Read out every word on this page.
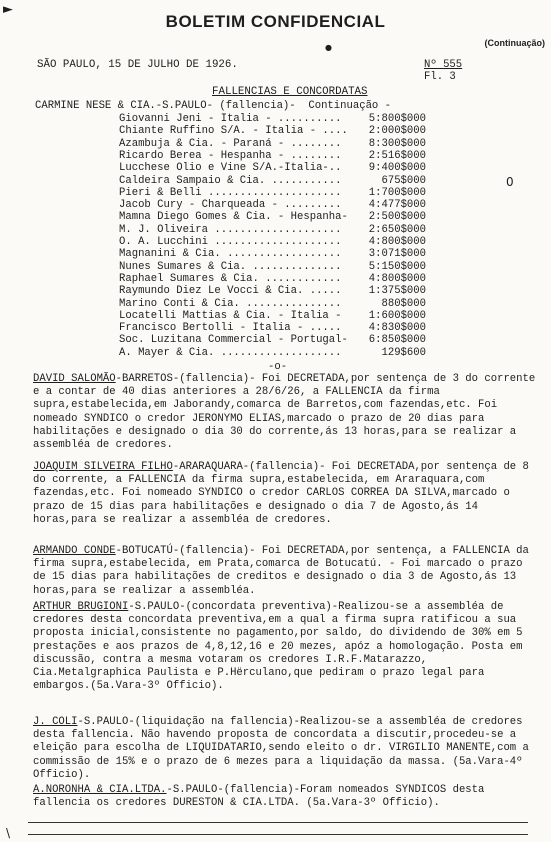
►
●
0
\
BOLETIM CONFIDENCIAL
(Continuação)
SÃO PAULO, 15 DE JULHO DE 1926.	Nº 555
Fl. 3
FALLENCIAS E CONCORDATAS
CARMINE NESE & CIA.-S.PAULO- (fallencia)-  Continuação -
Giovanni Jeni - Italia - ..........	5:800$000
Chiante Ruffino S/A. - Italia - .... 2:000$000
Azambuja & Cia. - Paraná - ........	8:300$000
Ricardo Berea - Hespanha - ........	2:516$000
Lucchese Olio e Vine S/A.-Italia-..	9:400$000
Caldeira Sampaio & Cia. ...........	675$000
Pieri & Belli .....................	1:700$000
Jacob Cury - Charqueada - .........	4:477$000
Mamna Diego Gomes & Cia. - Hespanha- 2:500$000
M. J. Oliveira ....................	2:650$000
O. A. Lucchini ....................	4:800$000
Magnanini & Cia. ..................	3:071$000
Nunes Sumares & Cia. ..............	5:150$000
Raphael Sumares & Cia. ............	4:800$000
Raymundo Diez Le Vocci & Cia. .....	1:375$000
Marino Conti & Cia. ...............	880$000
Locatelli Mattias & Cia. - Italia -	1:600$000
Francisco Bertolli - Italia - .....	4:830$000
Soc. Luzitana Commercial - Portugal- 6:850$000
A. Mayer & Cia. ...................	129$600
-o-
DAVID SALOMÃO-BARRETOS-(fallencia)- Foi DECRETADA,por sentença de 3 do corrente e a contar de 40 dias anteriores a 28/6/26, a FALLENCIA da firma supra,estabelecida,em Jaborandy,comarca de Barretos,com fazendas,etc. Foi nomeado SYNDICO o credor JERONYMO ELIAS,marcado o prazo de 20 dias para habilitações e designado o dia 30 do corrente,ás 13 horas,para se realizar a assembléa de credores.
JOAQUIM SILVEIRA FILHO-ARARAQUARA-(fallencia)- Foi DECRETADA,por sentença de 8 do corrente, a FALLENCIA da firma supra,estabelecida, em Araraquara,com fazendas,etc. Foi nomeado SYNDICO o credor CARLOS CORREA DA SILVA,marcado o prazo de 15 dias para habilitações e designado o dia 7 de Agosto,ás 14 horas,para se realizar a assembléa de credores.
ARMANDO CONDE-BOTUCATÚ-(fallencia)- Foi DECRETADA,por sentença, a FALLENCIA da firma supra,estabelecida, em Prata,comarca de Botucatú. - Foi marcado o prazo de 15 dias para habilitações de creditos e designado o dia 3 de Agosto,ás 13 horas,para se realizar a assembléa.
ARTHUR BRUGIONI-S.PAULO-(concordata preventiva)-Realizou-se a assembléa de credores desta concordata preventiva,em a qual a firma supra ratificou a sua proposta inicial,consistente no pagamento,por saldo, do dividendo de 30% em 5 prestações e aos prazos de 4,8,12,16 e 20 mezes, apóz a homologação. Posta em discussão, contra a mesma votaram os credores I.R.F.Matarazzo, Cia.Metalgraphica Paulista e P.Hërculano,que pediram o prazo legal para embargos.(5a.Vara-3º Officio).
J. COLI-S.PAULO-(liquidação na fallencia)-Realizou-se a assembléa de credores desta fallencia. Não havendo proposta de concordata a discutir,procedeu-se a eleição para escolha de LIQUIDATARIO,sendo eleito o dr. VIRGILIO MANENTE,com a commissão de 15% e o prazo de 6 mezes para a liquidação da massa. (5a.Vara-4º Officio).
A.NORONHA & CIA.LTDA.-S.PAULO-(fallencia)-Foram nomeados SYNDICOS desta fallencia os credores DURESTON & CIA.LTDA. (5a.Vara-3º Officio).
